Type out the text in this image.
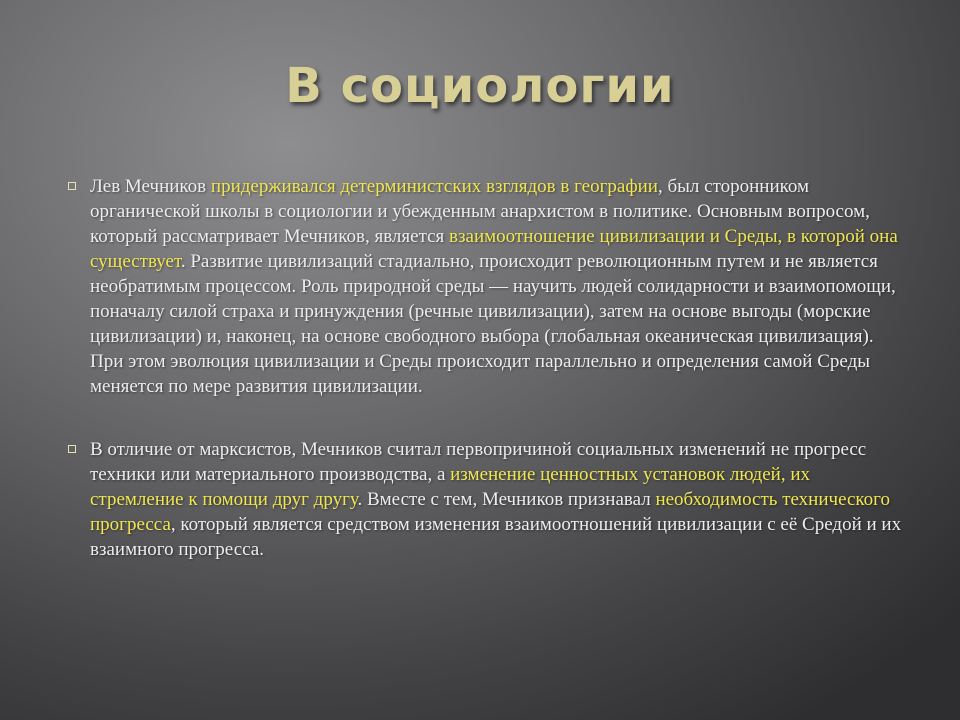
В социологии
Лев Мечников придерживался детерминистских взглядов в географии, был сторонником органической школы в социологии и убежденным анархистом в политике. Основным вопросом, который рассматривает Мечников, является взаимоотношение цивилизации и Среды, в которой она существует. Развитие цивилизаций стадиально, происходит революционным путем и не является необратимым процессом. Роль природной среды — научить людей солидарности и взаимопомощи, поначалу силой страха и принуждения (речные цивилизации), затем на основе выгоды (морские цивилизации) и, наконец, на основе свободного выбора (глобальная океаническая цивилизация). При этом эволюция цивилизации и Среды происходит параллельно и определения самой Среды меняется по мере развития цивилизации.
В отличие от марксистов, Мечников считал первопричиной социальных изменений не прогресс техники или материального производства, а изменение ценностных установок людей, их стремление к помощи друг другу. Вместе с тем, Мечников признавал необходимость технического прогресса, который является средством изменения взаимоотношений цивилизации с её Средой и их взаимного прогресса.
